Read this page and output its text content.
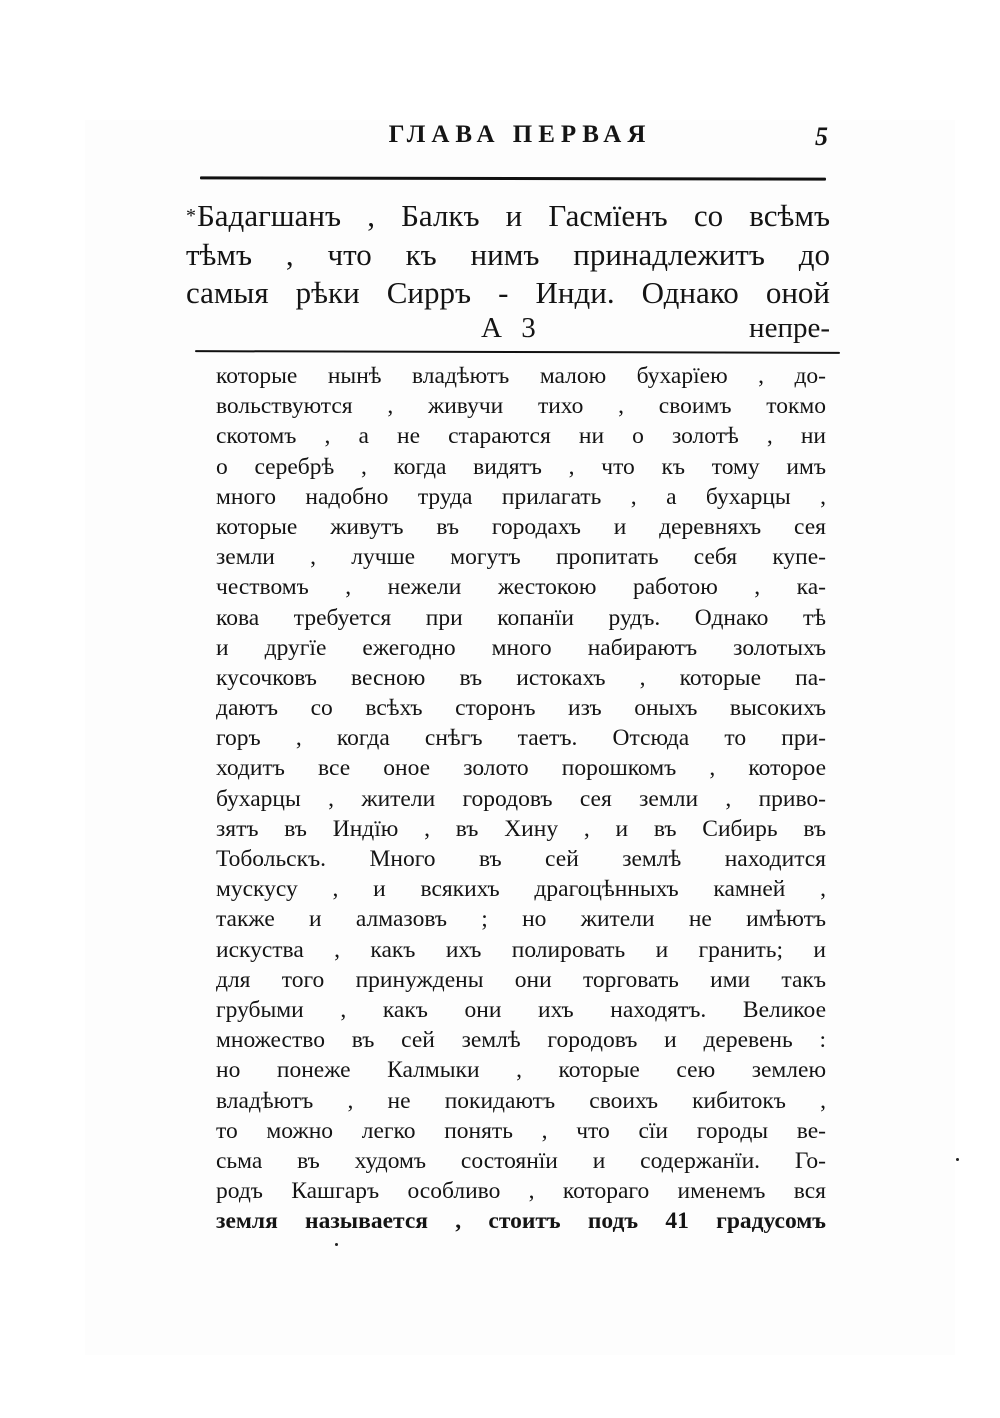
ГЛАВА ПЕРВАЯ	5
*Бадагшанъ , Балкъ и Гасмїенъ со всѣмъ
тѣмъ , что къ нимъ принадлежитъ до
самыя рѣки Сирръ - Инди. Однако оной
А 3	непре-
которые нынѣ владѣютъ малою бухарїею , до-
вольствуются , живучи тихо , своимъ токмо
скотомъ , а не стараются ни о золотѣ , ни
о серебрѣ , когда видятъ , что къ тому имъ
много надобно труда прилагать , а бухарцы ,
которые живутъ въ городахъ и деревняхъ сея
земли , лучше могутъ пропитать себя купе-
чествомъ , нежели жестокою работою , ка-
кова требуется при копанїи рудъ. Однако тѣ
и другїе ежегодно много набираютъ золотыхъ
кусочковъ весною въ истокахъ , которые па-
даютъ со всѣхъ сторонъ изъ оныхъ высокихъ
горъ , когда снѣгъ таетъ. Отсюда то при-
ходитъ все оное золото порошкомъ , которое
бухарцы , жители городовъ сея земли , приво-
зятъ въ Индїю , въ Хину , и въ Сибирь въ
Тобольскъ. Много въ сей землѣ находится
мускусу , и всякихъ драгоцѣнныхъ камней ,
также и алмазовъ ; но жители не имѣютъ
искуства , какъ ихъ полировать и гранить; и
для того принуждены они торговать ими такъ
грубыми , какъ они ихъ находятъ. Великое
множество въ сей землѣ городовъ и деревень :
но понеже Калмыки , которые сею землею
владѣютъ , не покидаютъ своихъ кибитокъ ,
то можно легко понять , что сїи городы ве-
сьма въ худомъ состоянїи и содержанїи. Го-
родъ Кашгаръ особливо , котораго именемъ вся
земля называется , стоитъ подъ 41 градусомъ
